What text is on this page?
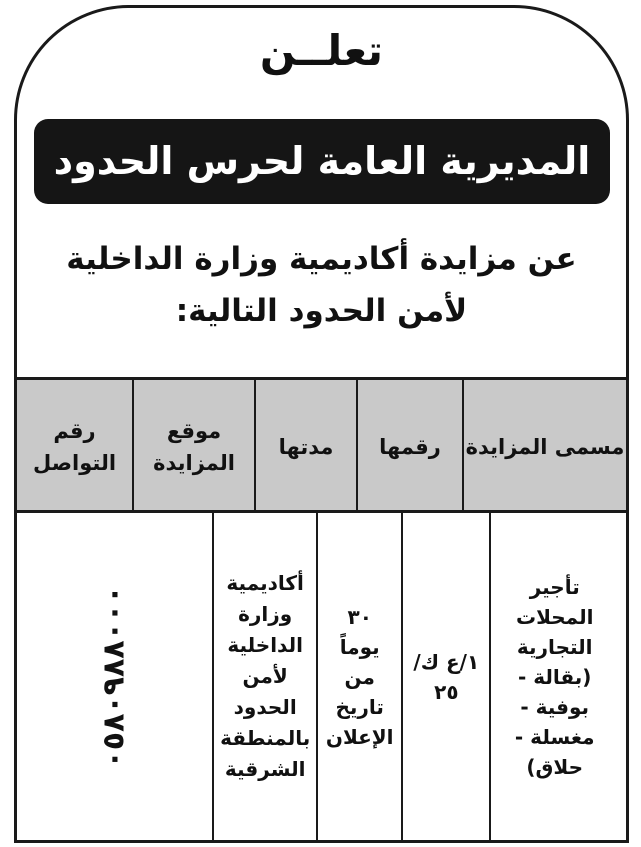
تعلــن
المديرية العامة لحرس الحدود
عن مزايدة أكاديمية وزارة الداخلية لأمن الحدود التالية:
مسمى المزايدة
رقمها
مدتها
موقع المزايدة
رقم التواصل
تأجير المحلات التجارية (بقالة - بوفية - مغسلة - حلاق)
١/ع ك/٢٥
٣٠ يوماً من تاريخ الإعلان
أكاديمية وزارة الداخلية لأمن الحدود بالمنطقة الشرقية
٠٥٨٠٩٨٨٠٠٠
